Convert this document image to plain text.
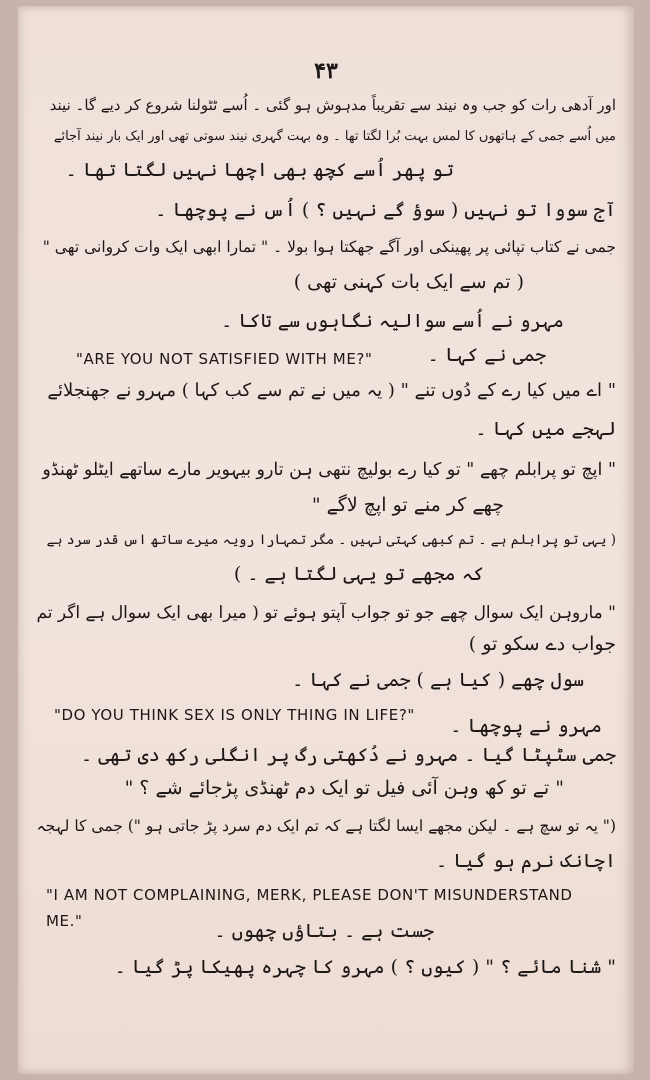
۴۳
اور آدھی رات کو جب وہ نیند سے تقریباً مدہوش ہو گئی ۔ اُسے ٹٹولنا شروع کر دیے گا۔ نیند
میں اُسے جمی کے ہاتھوں کا لمس بہت بُرا لگتا تھا ۔ وہ بہت گہری نیند سوتی تھی اور ایک بار نیند آجائے
تو پھر اُسے کچھ بھی اچھا نہیں لگتا تھا ۔
آج سووا تو نہیں ( سوؤ گے نہیں ؟ ) اُس نے پوچھا ۔
جمی نے کتاب تپائی پر پھینکی اور آگے جھکتا ہوا بولا ۔ " تمارا ابھی ایک وات کروانی تھی "
( تم سے ایک بات کہنی تھی )
مہرو نے اُسے سوالیہ نگاہوں سے تاکا ۔
"ARE YOU NOT SATISFIED WITH ME?"	جمی نے کہا ۔
" اے میں کیا رے کے دُوں تنے " ( یہ میں نے تم سے کب کہا ) مہرو نے جھنجلائے
لہجے میں کہا ۔
" اپچ تو پرابلم چھے " تو کیا رے بولیچ نتھی ہن تارو بیہویر مارے ساتھے ایٹلو ٹھنڈو
چھے کر منے تو اپچ لاگے "
( یہی تو پرابلم ہے ۔ تم کبھی کہتی نہیں ۔ مگر تمہارا رویہ میرے ساتھ اس قدر سرد ہے
کہ مجھے تو یہی لگتا ہے ۔ )
" ماروہن ایک سوال چھے جو تو جواب آپتو ہوئے تو ( میرا بھی ایک سوال ہے اگر تم
جواب دے سکو تو )
سول چھے ( کیا ہے ) جمی نے کہا ۔
"DO YOU THINK SEX IS ONLY THING IN LIFE?" مہرو نے پوچھا ۔
جمی سٹپٹا گیا ۔ مہرو نے دُکھتی رگ پر انگلی رکھ دی تھی ۔
" تے تو کھ وہن آئی فیل تو ایک دم ٹھنڈی پڑجائے شے ؟ "
(" یہ تو سچ ہے ۔ لیکن مجھے ایسا لگتا ہے کہ تم ایک دم سرد پڑ جاتی ہو ") جمی کا لہجہ
اچانک نرم ہو گیا ۔
"I AM NOT COMPLAINING, MERK, PLEASE DON'T MISUNDERSTAND
ME."	جست ہے ۔ بتاؤں چھوں ۔
" شنا مائے ؟ " ( کیوں ؟ ) مہرو کا چہرہ پھیکا پڑ گیا ۔
